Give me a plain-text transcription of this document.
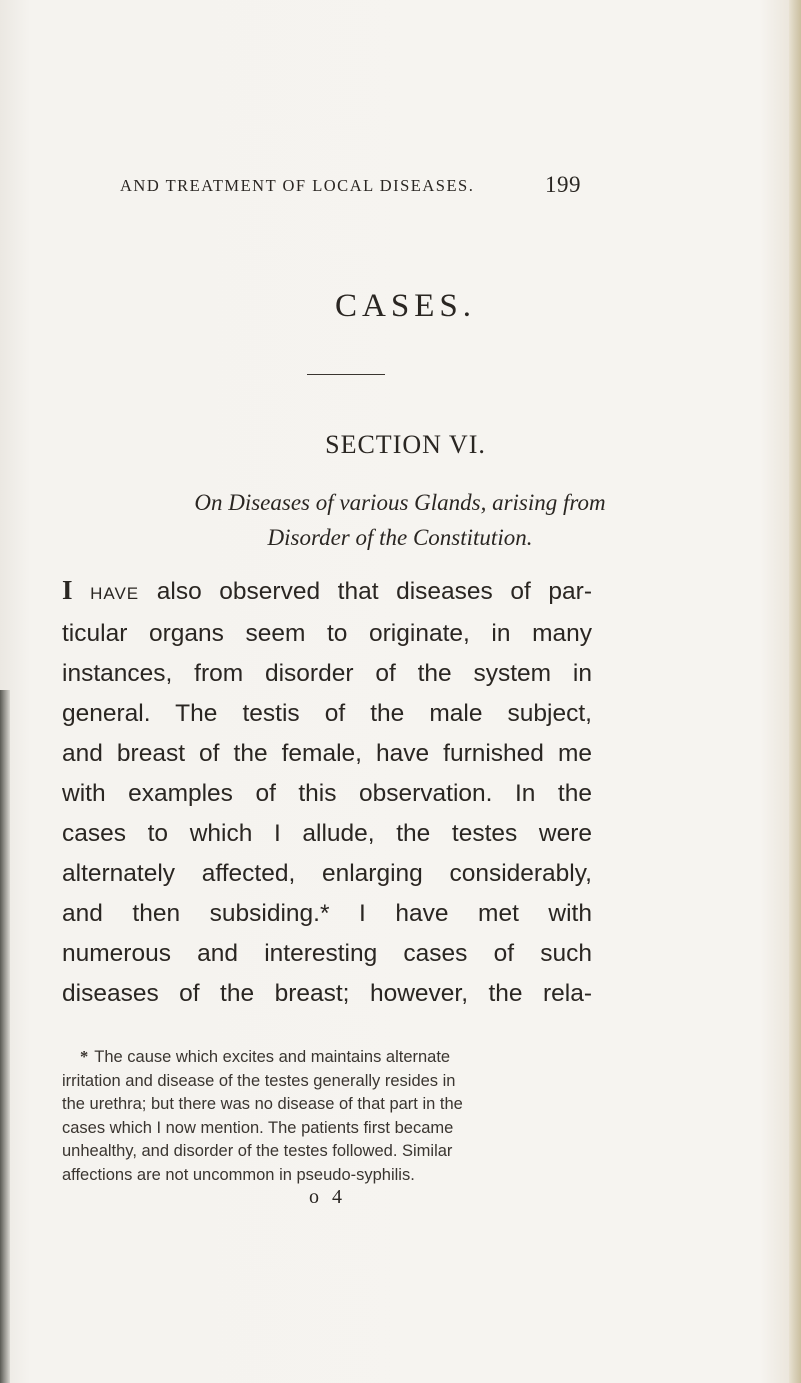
AND TREATMENT OF LOCAL DISEASES.	199
CASES.
SECTION VI.
On Diseases of various Glands, arising from
Disorder of the Constitution.

I HAVE also observed that diseases of par-

ticular organs seem to originate, in many

instances, from disorder of the system in

general. The testis of the male subject,

and breast of the female, have furnished me

with examples of this observation. In the

cases to which I allude, the testes were

alternately affected, enlarging considerably,

and then subsiding.* I have met with

numerous and interesting cases of such

diseases of the breast; however, the rela-

* The cause which excites and maintains alternate

irritation and disease of the testes generally resides in

the urethra; but there was no disease of that part in the

cases which I now mention. The patients first became

unhealthy, and disorder of the testes followed. Similar

affections are not uncommon in pseudo-syphilis.

o 4
